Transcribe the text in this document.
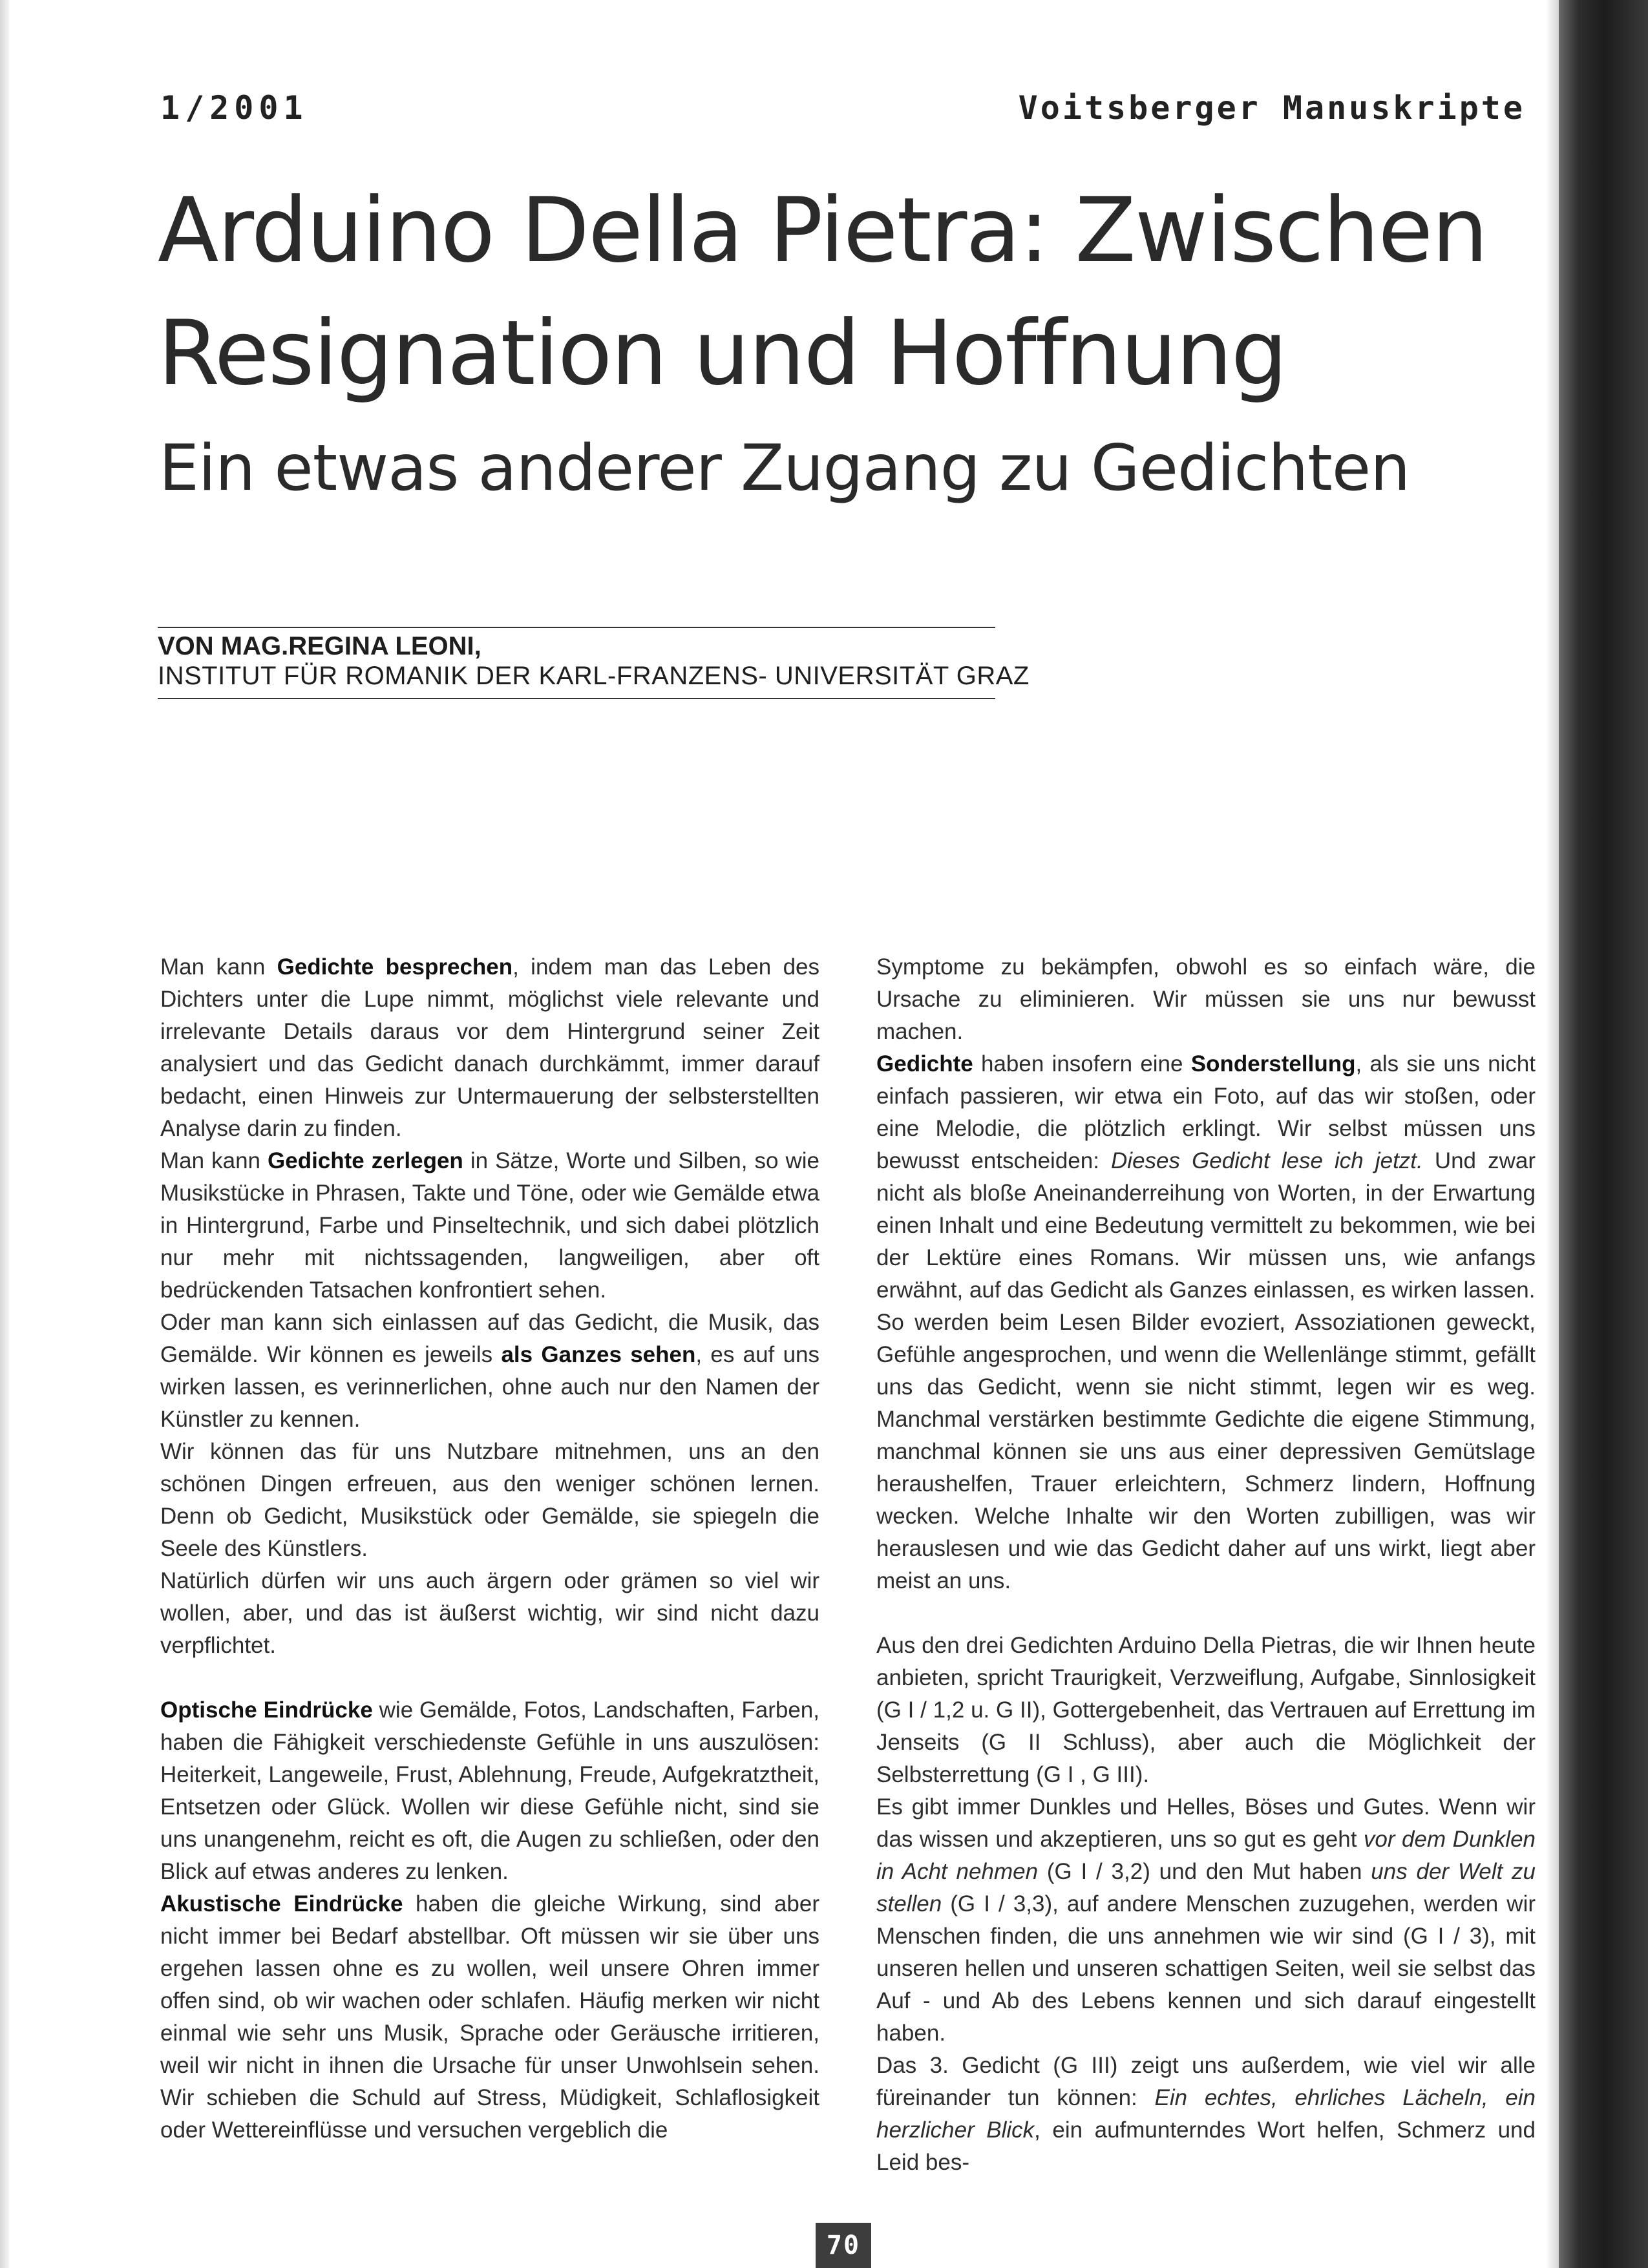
1/2001	Voitsberger Manuskripte
Arduino Della Pietra: Zwischen
Resignation und Hoffnung
Ein etwas anderer Zugang zu Gedichten
VON MAG.REGINA LEONI,
INSTITUT FÜR ROMANIK DER KARL-FRANZENS- UNIVERSITÄT GRAZ

Man kann Gedichte besprechen, indem man das Leben des Dichters unter die Lupe nimmt, möglichst viele relevante und irrelevante Details daraus vor dem Hintergrund seiner Zeit analysiert und das Gedicht danach durchkämmt, immer darauf bedacht, einen Hinweis zur Untermauerung der selbsterstellten Analyse darin zu finden.

Man kann Gedichte zerlegen in Sätze, Worte und Silben, so wie Musikstücke in Phrasen, Takte und Töne, oder wie Gemälde etwa in Hintergrund, Farbe und Pinseltechnik, und sich dabei plötzlich nur mehr mit nichtssagenden, langweiligen, aber oft bedrückenden Tatsachen konfrontiert sehen.

Oder man kann sich einlassen auf das Gedicht, die Musik, das Gemälde. Wir können es jeweils als Ganzes sehen, es auf uns wirken lassen, es verinnerlichen, ohne auch nur den Namen der Künstler zu kennen.

Wir können das für uns Nutzbare mitnehmen, uns an den schönen Dingen erfreuen, aus den weniger schönen lernen. Denn ob Gedicht, Musikstück oder Gemälde, sie spiegeln die Seele des Künstlers.

Natürlich dürfen wir uns auch ärgern oder grämen so viel wir wollen, aber, und das ist äußerst wichtig, wir sind nicht dazu verpflichtet.

Optische Eindrücke wie Gemälde, Fotos, Landschaften, Farben, haben die Fähigkeit verschiedenste Gefühle in uns auszulösen: Heiterkeit, Langeweile, Frust, Ablehnung, Freude, Aufgekratztheit, Entsetzen oder Glück. Wollen wir diese Gefühle nicht, sind sie uns unangenehm, reicht es oft, die Augen zu schließen, oder den Blick auf etwas anderes zu lenken.

Akustische Eindrücke haben die gleiche Wirkung, sind aber nicht immer bei Bedarf abstellbar. Oft müssen wir sie über uns ergehen lassen ohne es zu wollen, weil unsere Ohren immer offen sind, ob wir wachen oder schlafen. Häufig merken wir nicht einmal wie sehr uns Musik, Sprache oder Geräusche irritieren, weil wir nicht in ihnen die Ursache für unser Unwohlsein sehen. Wir schieben die Schuld auf Stress, Müdigkeit, Schlaflosigkeit oder Wettereinflüsse und versuchen vergeblich die

Symptome zu bekämpfen, obwohl es so einfach wäre, die Ursache zu eliminieren. Wir müssen sie uns nur bewusst machen.

Gedichte haben insofern eine Sonderstellung, als sie uns nicht einfach passieren, wir etwa ein Foto, auf das wir stoßen, oder eine Melodie, die plötzlich erklingt. Wir selbst müssen uns bewusst entscheiden: Dieses Gedicht lese ich jetzt. Und zwar nicht als bloße Aneinanderreihung von Worten, in der Erwartung einen Inhalt und eine Bedeutung vermittelt zu bekommen, wie bei der Lektüre eines Romans. Wir müssen uns, wie anfangs erwähnt, auf das Gedicht als Ganzes einlassen, es wirken lassen.

So werden beim Lesen Bilder evoziert, Assoziationen geweckt, Gefühle angesprochen, und wenn die Wellenlänge stimmt, gefällt uns das Gedicht, wenn sie nicht stimmt, legen wir es weg. Manchmal verstärken bestimmte Gedichte die eigene Stimmung, manchmal können sie uns aus einer depressiven Gemütslage heraushelfen, Trauer erleichtern, Schmerz lindern, Hoffnung wecken. Welche Inhalte wir den Worten zubilligen, was wir herauslesen und wie das Gedicht daher auf uns wirkt, liegt aber meist an uns.

Aus den drei Gedichten Arduino Della Pietras, die wir Ihnen heute anbieten, spricht Traurigkeit, Verzweiflung, Aufgabe, Sinnlosigkeit (G I / 1,2 u. G II), Gottergebenheit, das Vertrauen auf Errettung im Jenseits (G II Schluss), aber auch die Möglichkeit der Selbsterrettung (G I , G III).

Es gibt immer Dunkles und Helles, Böses und Gutes. Wenn wir das wissen und akzeptieren, uns so gut es geht vor dem Dunklen in Acht nehmen (G I / 3,2) und den Mut haben uns der Welt zu stellen (G I / 3,3), auf andere Menschen zuzugehen, werden wir Menschen finden, die uns annehmen wie wir sind (G I / 3), mit unseren hellen und unseren schattigen Seiten, weil sie selbst das Auf - und Ab des Lebens kennen und sich darauf eingestellt haben.

Das 3. Gedicht (G III) zeigt uns außerdem, wie viel wir alle füreinander tun können: Ein echtes, ehrliches Lächeln, ein herzlicher Blick, ein aufmunterndes Wort helfen, Schmerz und Leid bes-

70
